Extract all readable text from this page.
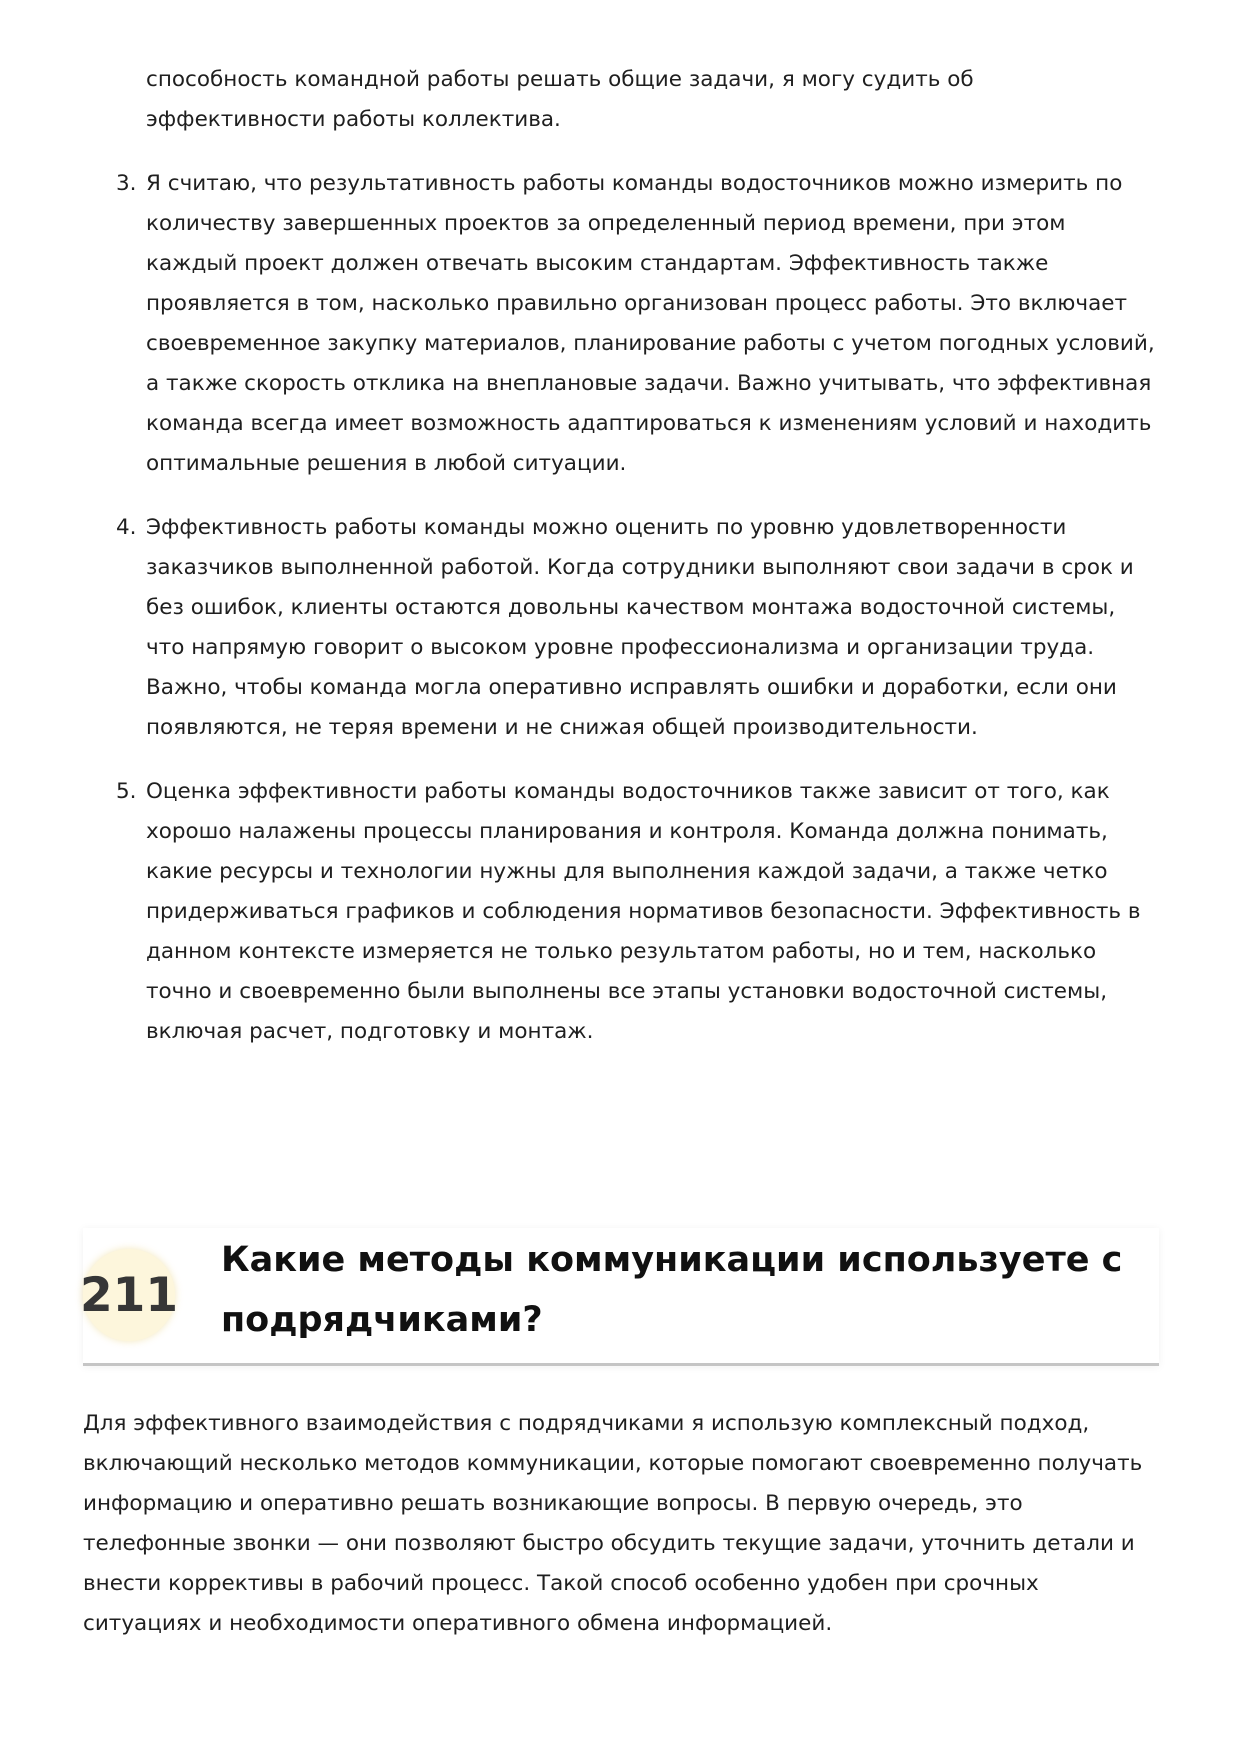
способность командной работы решать общие задачи, я могу судить об эффективности работы коллектива.

3. Я считаю, что результативность работы команды водосточников можно измерить по количеству завершенных проектов за определенный период времени, при этом каждый проект должен отвечать высоким стандартам. Эффективность также проявляется в том, насколько правильно организован процесс работы. Это включает своевременное закупку материалов, планирование работы с учетом погодных условий, а также скорость отклика на внеплановые задачи. Важно учитывать, что эффективная команда всегда имеет возможность адаптироваться к изменениям условий и находить оптимальные решения в любой ситуации.
4. Эффективность работы команды можно оценить по уровню удовлетворенности заказчиков выполненной работой. Когда сотрудники выполняют свои задачи в срок и без ошибок, клиенты остаются довольны качеством монтажа водосточной системы, что напрямую говорит о высоком уровне профессионализма и организации труда. Важно, чтобы команда могла оперативно исправлять ошибки и доработки, если они появляются, не теряя времени и не снижая общей производительности.
5. Оценка эффективности работы команды водосточников также зависит от того, как хорошо налажены процессы планирования и контроля. Команда должна понимать, какие ресурсы и технологии нужны для выполнения каждой задачи, а также четко придерживаться графиков и соблюдения нормативов безопасности. Эффективность в данном контексте измеряется не только результатом работы, но и тем, насколько точно и своевременно были выполнены все этапы установки водосточной системы, включая расчет, подготовку и монтаж.
211
Какие методы коммуникации используете с подрядчиками?

Для эффективного взаимодействия с подрядчиками я использую комплексный подход, включающий несколько методов коммуникации, которые помогают своевременно получать информацию и оперативно решать возникающие вопросы. В первую очередь, это телефонные звонки — они позволяют быстро обсудить текущие задачи, уточнить детали и внести коррективы в рабочий процесс. Такой способ особенно удобен при срочных ситуациях и необходимости оперативного обмена информацией.
